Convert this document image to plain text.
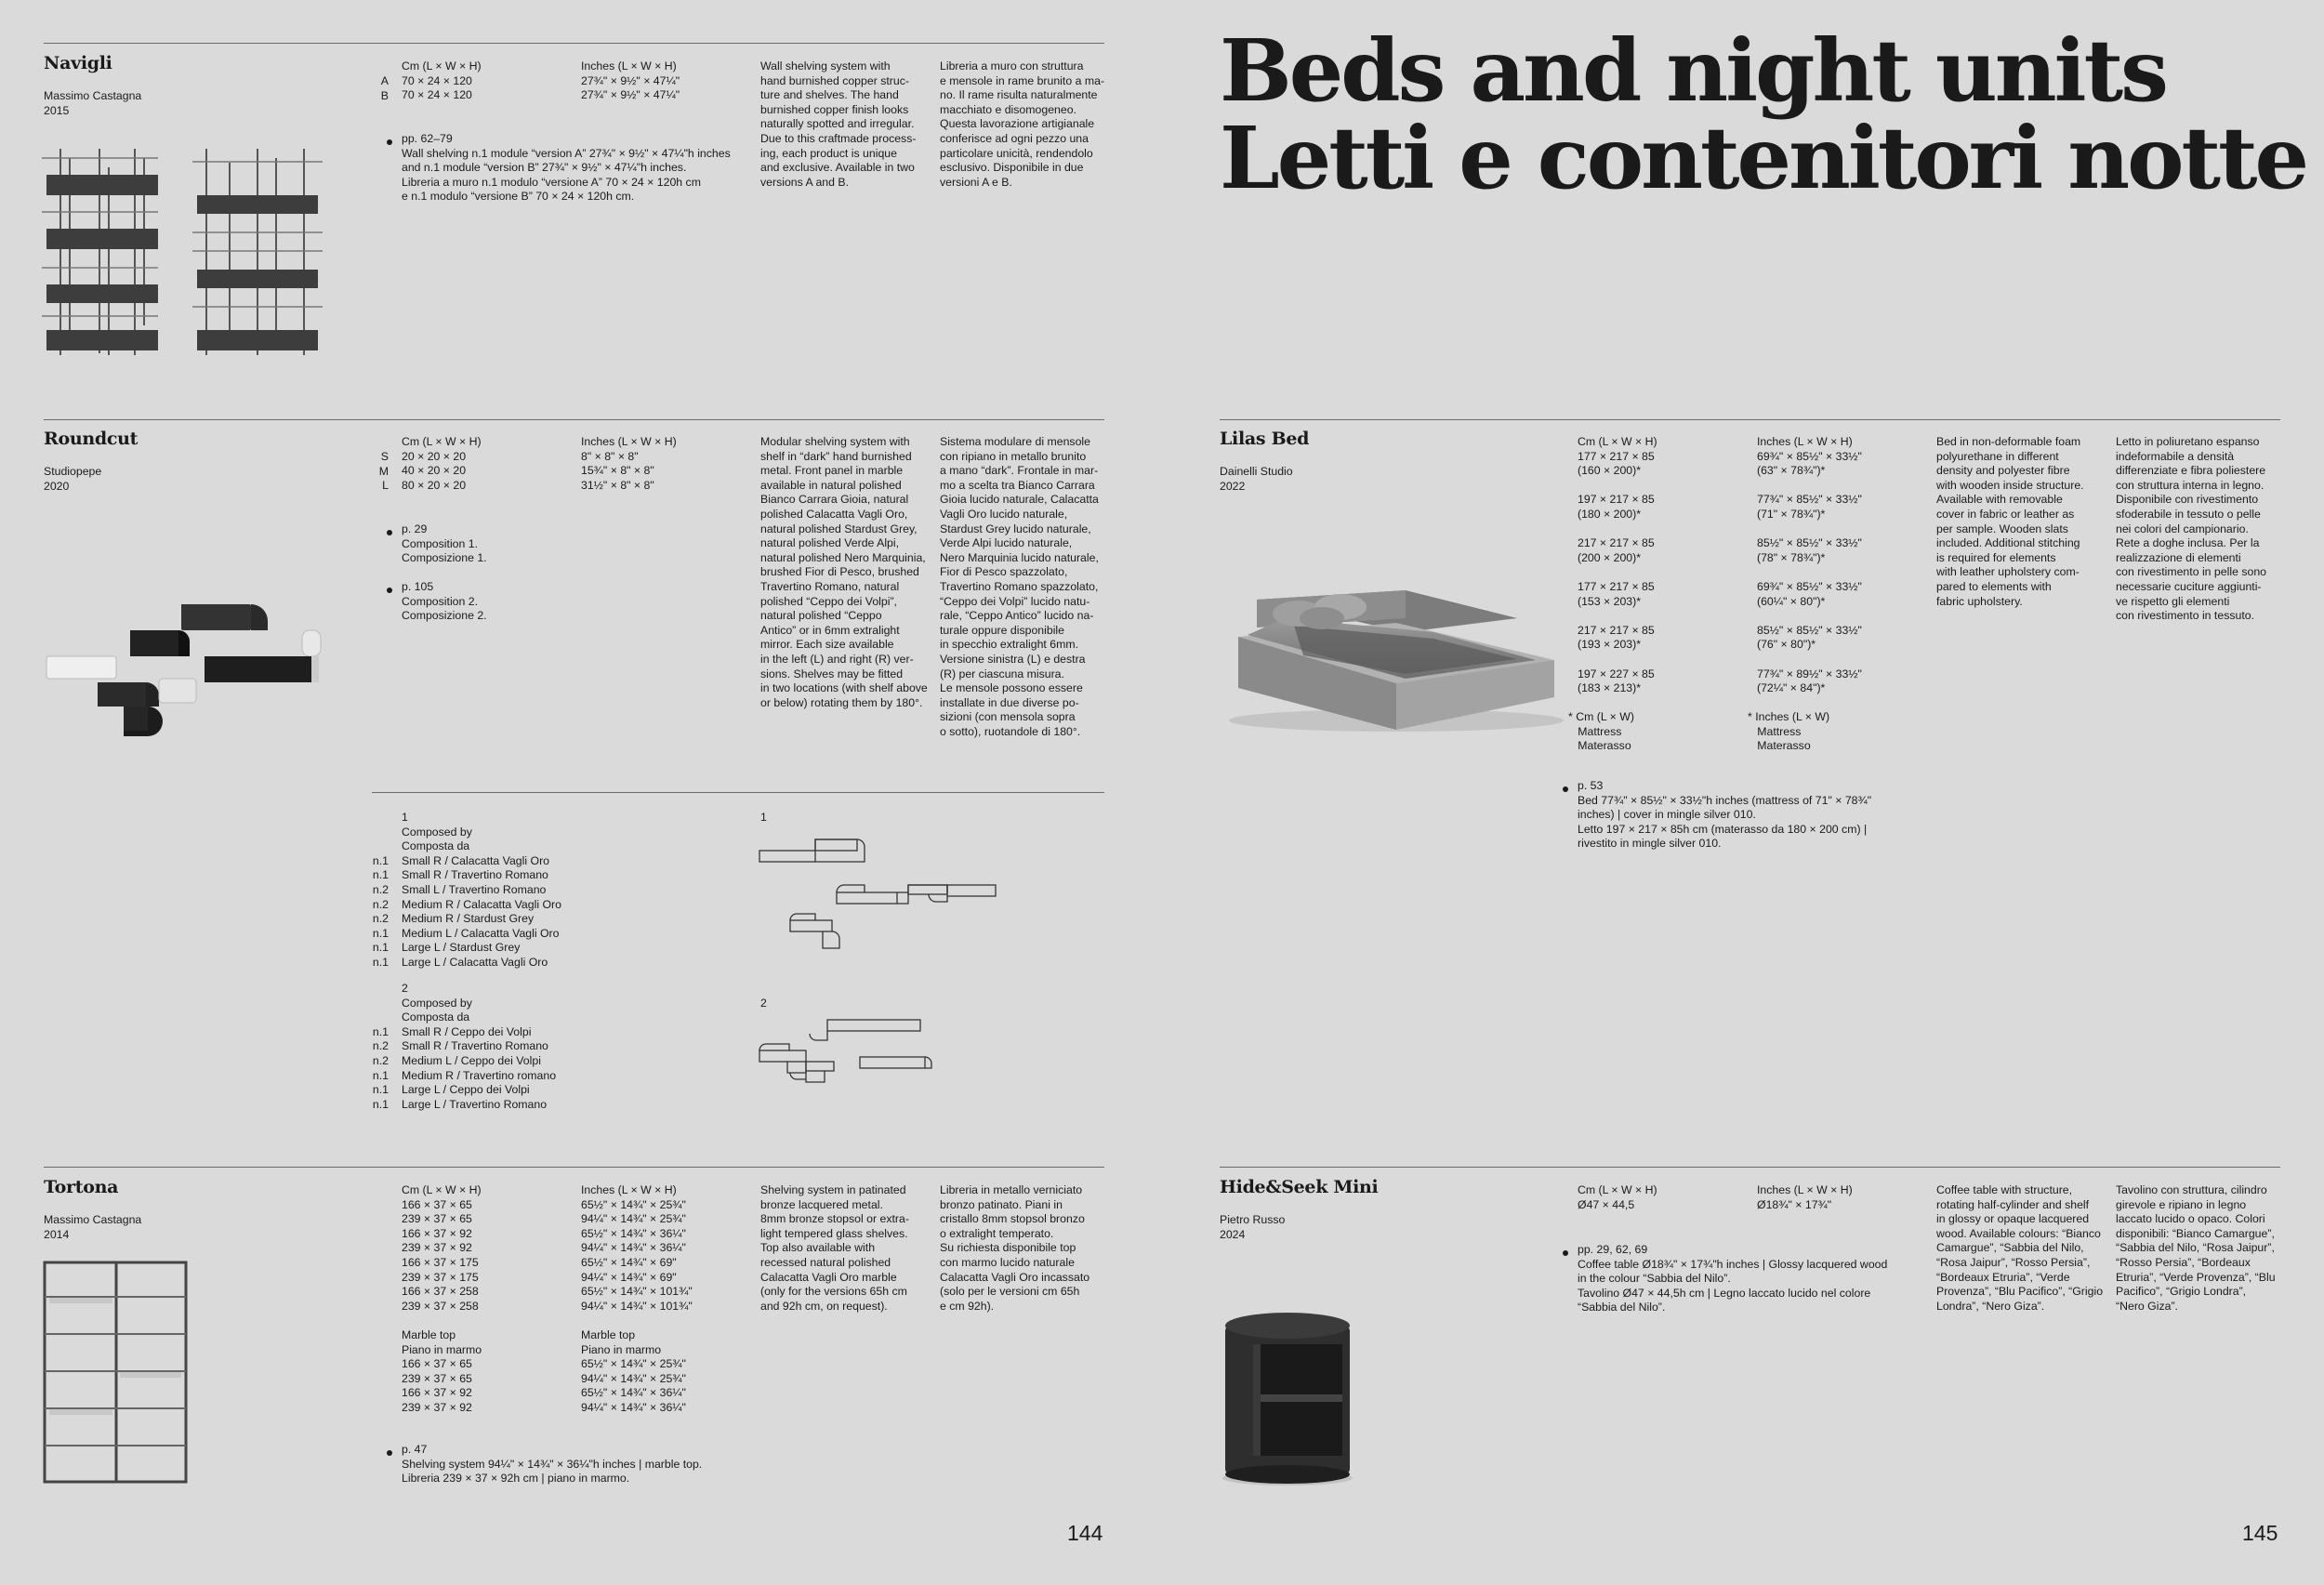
Navigli
Massimo Castagna
2015
A
B
Cm (L × W × H)
70 × 24 × 120
70 × 24 × 120
Inches (L × W × H)
27¾" × 9½" × 47¼"
27¾" × 9½" × 47¼"
pp. 62–79
Wall shelving n.1 module “version A” 27¾" × 9½" × 47¼"h inches
and n.1 module “version B” 27¾" × 9½" × 47¼"h inches.
Libreria a muro n.1 modulo “versione A” 70 × 24 × 120h cm
e n.1 modulo “versione B” 70 × 24 × 120h cm.
Wall shelving system with
hand burnished copper struc-
ture and shelves. The hand
burnished copper finish looks
naturally spotted and irregular.
Due to this craftmade process-
ing, each product is unique
and exclusive. Available in two
versions A and B.
Libreria a muro con struttura
e mensole in rame brunito a ma-
no. Il rame risulta naturalmente
macchiato e disomogeneo.
Questa lavorazione artigianale
conferisce ad ogni pezzo una
particolare unicità, rendendolo
esclusivo. Disponibile in due
versioni A e B.
Roundcut
Studiopepe
2020
S
M
L
Cm (L × W × H)
20 × 20 × 20
40 × 20 × 20
80 × 20 × 20
Inches (L × W × H)
8" × 8" × 8"
15¾" × 8" × 8"
31½" × 8" × 8"
p. 29
Composition 1.
Composizione 1.
p. 105
Composition 2.
Composizione 2.
Modular shelving system with
shelf in “dark” hand burnished
metal. Front panel in marble
available in natural polished
Bianco Carrara Gioia, natural
polished Calacatta Vagli Oro,
natural polished Stardust Grey,
natural polished Verde Alpi,
natural polished Nero Marquinia,
brushed Fior di Pesco, brushed
Travertino Romano, natural
polished “Ceppo dei Volpi”,
natural polished “Ceppo
Antico” or in 6mm extralight
mirror. Each size available
in the left (L) and right (R) ver-
sions. Shelves may be fitted
in two locations (with shelf above
or below) rotating them by 180°.
Sistema modulare di mensole
con ripiano in metallo brunito
a mano “dark”. Frontale in mar-
mo a scelta tra Bianco Carrara
Gioia lucido naturale, Calacatta
Vagli Oro lucido naturale,
Stardust Grey lucido naturale,
Verde Alpi lucido naturale,
Nero Marquinia lucido naturale,
Fior di Pesco spazzolato,
Travertino Romano spazzolato,
“Ceppo dei Volpi” lucido natu-
rale, “Ceppo Antico” lucido na-
turale oppure disponibile
in specchio extralight 6mm.
Versione sinistra (L) e destra
(R) per ciascuna misura.
Le mensole possono essere
installate in due diverse po-
sizioni (con mensola sopra
o sotto), ruotandole di 180°.

n.1
n.1
n.2
n.2
n.2
n.1
n.1
n.1
1
Composed by
Composta da
Small R / Calacatta Vagli Oro
Small R / Travertino Romano
Small L / Travertino Romano
Medium R / Calacatta Vagli Oro
Medium R / Stardust Grey
Medium L / Calacatta Vagli Oro
Large L / Stardust Grey
Large L / Calacatta Vagli Oro

n.1
n.2
n.2
n.1
n.1
n.1
2
Composed by
Composta da
Small R / Ceppo dei Volpi
Small R / Travertino Romano
Medium L / Ceppo dei Volpi
Medium R / Travertino romano
Large L / Ceppo dei Volpi
Large L / Travertino Romano
1
2
Tortona
Massimo Castagna
2014
Cm (L × W × H)
166 × 37 × 65
239 × 37 × 65
166 × 37 × 92
239 × 37 × 92
166 × 37 × 175
239 × 37 × 175
166 × 37 × 258
239 × 37 × 258

Marble top
Piano in marmo
166 × 37 × 65
239 × 37 × 65
166 × 37 × 92
239 × 37 × 92
Inches (L × W × H)
65½" × 14¾" × 25¾"
94¼" × 14¾" × 25¾"
65½" × 14¾" × 36¼"
94¼" × 14¾" × 36¼"
65½" × 14¾" × 69"
94¼" × 14¾" × 69"
65½" × 14¾" × 101¾"
94¼" × 14¾" × 101¾"

Marble top
Piano in marmo
65½" × 14¾" × 25¾"
94¼" × 14¾" × 25¾"
65½" × 14¾" × 36¼"
94¼" × 14¾" × 36¼"
p. 47
Shelving system 94¼" × 14¾" × 36¼"h inches | marble top.
Libreria 239 × 37 × 92h cm | piano in marmo.
Shelving system in patinated
bronze lacquered metal.
8mm bronze stopsol or extra-
light tempered glass shelves.
Top also available with
recessed natural polished
Calacatta Vagli Oro marble
(only for the versions 65h cm
and 92h cm, on request).
Libreria in metallo verniciato
bronzo patinato. Piani in
cristallo 8mm stopsol bronzo
o extralight temperato.
Su richiesta disponibile top
con marmo lucido naturale
Calacatta Vagli Oro incassato
(solo per le versioni cm 65h
e cm 92h).
144
Beds and night units
Letti e contenitori notte
Lilas Bed
Dainelli Studio
2022
Cm (L × W × H)
177 × 217 × 85
(160 × 200)*

197 × 217 × 85
(180 × 200)*

217 × 217 × 85
(200 × 200)*

177 × 217 × 85
(153 × 203)*

217 × 217 × 85
(193 × 203)*

197 × 227 × 85
(183 × 213)*
Inches (L × W × H)
69¾" × 85½" × 33½"
(63" × 78¾")*

77¾" × 85½" × 33½"
(71" × 78¾")*

85½" × 85½" × 33½"
(78" × 78¾")*

69¾" × 85½" × 33½"
(60¼" × 80")*

85½" × 85½" × 33½"
(76" × 80")*

77¾" × 89½" × 33½"
(72¼" × 84")*
* Cm (L × W)
Mattress
Materasso
* Inches (L × W)
Mattress
Materasso
p. 53
Bed 77¾" × 85½" × 33½"h inches (mattress of 71" × 78¾"
inches) | cover in mingle silver 010.
Letto 197 × 217 × 85h cm (materasso da 180 × 200 cm) |
rivestito in mingle silver 010.
Bed in non-deformable foam
polyurethane in different
density and polyester fibre
with wooden inside structure.
Available with removable
cover in fabric or leather as
per sample. Wooden slats
included. Additional stitching
is required for elements
with leather upholstery com-
pared to elements with
fabric upholstery.
Letto in poliuretano espanso
indeformabile a densità
differenziate e fibra poliestere
con struttura interna in legno.
Disponibile con rivestimento
sfoderabile in tessuto o pelle
nei colori del campionario.
Rete a doghe inclusa. Per la
realizzazione di elementi
con rivestimento in pelle sono
necessarie cuciture aggiunti-
ve rispetto gli elementi
con rivestimento in tessuto.
Hide&Seek Mini
Pietro Russo
2024
Cm (L × W × H)
Ø47 × 44,5
Inches (L × W × H)
Ø18¾" × 17¾"
pp. 29, 62, 69
Coffee table Ø18¾" × 17¾"h inches | Glossy lacquered wood
in the colour “Sabbia del Nilo”.
Tavolino Ø47 × 44,5h cm | Legno laccato lucido nel colore
“Sabbia del Nilo”.
Coffee table with structure,
rotating half-cylinder and shelf
in glossy or opaque lacquered
wood. Available colours: “Bianco
Camargue”, “Sabbia del Nilo,
“Rosa Jaipur”, “Rosso Persia”,
“Bordeaux Etruria”, “Verde
Provenza”, “Blu Pacifico”, “Grigio
Londra”, “Nero Giza”.
Tavolino con struttura, cilindro
girevole e ripiano in legno
laccato lucido o opaco. Colori
disponibili: “Bianco Camargue”,
“Sabbia del Nilo, “Rosa Jaipur”,
“Rosso Persia”, “Bordeaux
Etruria”, “Verde Provenza”, “Blu
Pacifico”, “Grigio Londra”,
“Nero Giza”.
145
